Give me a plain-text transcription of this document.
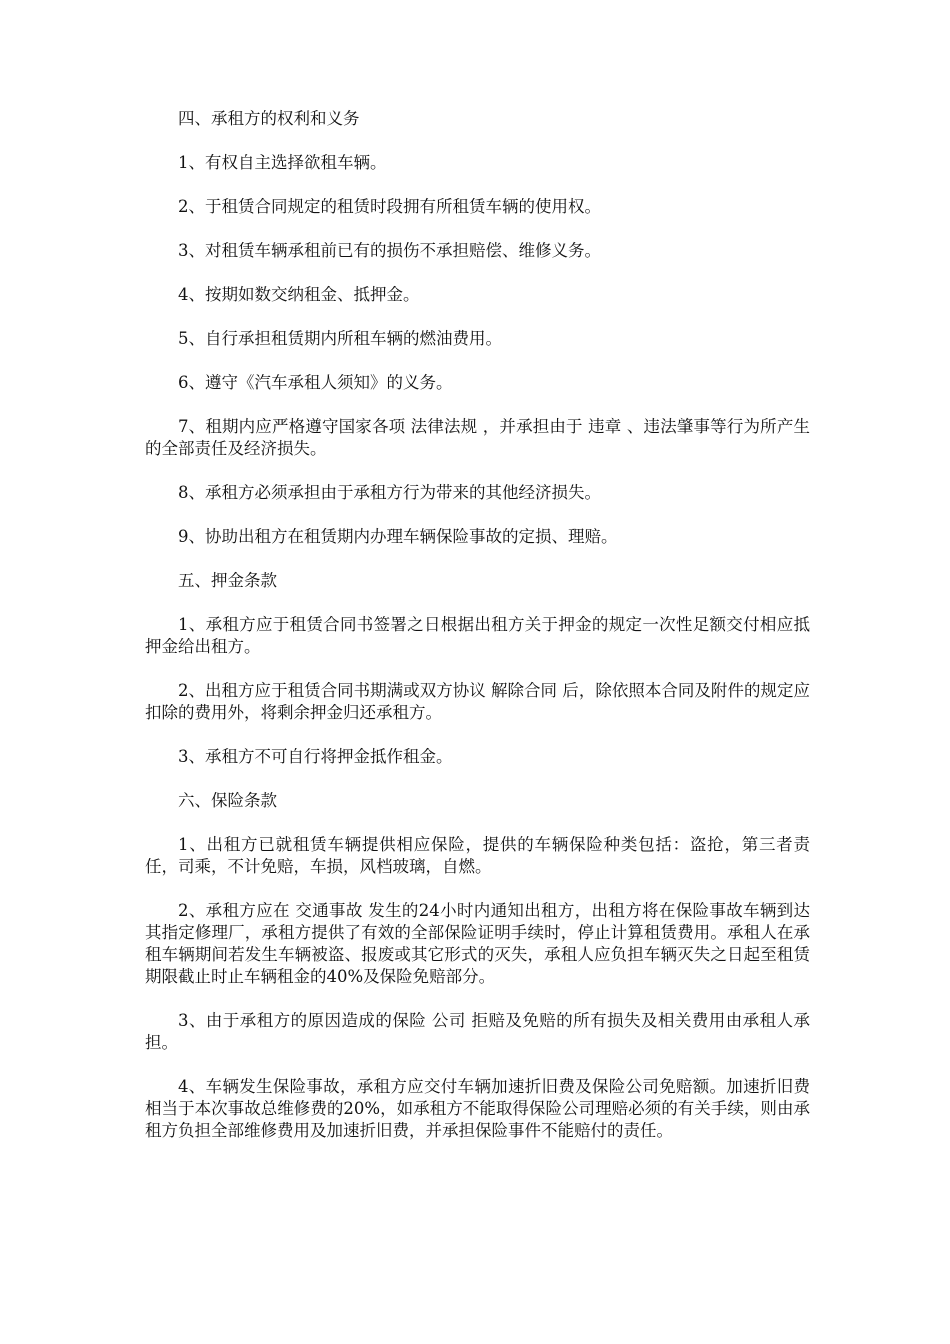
四、承租方的权利和义务

1、有权自主选择欲租车辆。

2、于租赁合同规定的租赁时段拥有所租赁车辆的使用权。

3、对租赁车辆承租前已有的损伤不承担赔偿、维修义务。

4、按期如数交纳租金、抵押金。

5、自行承担租赁期内所租车辆的燃油费用。

6、遵守《汽车承租人须知》的义务。

7、租期内应严格遵守国家各项 法律法规 ，并承担由于 违章 、违法肇事等行为所产生的全部责任及经济损失。

8、承租方必须承担由于承租方行为带来的其他经济损失。

9、协助出租方在租赁期内办理车辆保险事故的定损、理赔。

五、押金条款

1、承租方应于租赁合同书签署之日根据出租方关于押金的规定一次性足额交付相应抵押金给出租方。

2、出租方应于租赁合同书期满或双方协议 解除合同 后，除依照本合同及附件的规定应扣除的费用外，将剩余押金归还承租方。

3、承租方不可自行将押金抵作租金。

六、保险条款

1、出租方已就租赁车辆提供相应保险，提供的车辆保险种类包括：盗抢，第三者责任，司乘，不计免赔，车损，风档玻璃，自燃。

2、承租方应在 交通事故 发生的24小时内通知出租方，出租方将在保险事故车辆到达其指定修理厂，承租方提供了有效的全部保险证明手续时，停止计算租赁费用。承租人在承租车辆期间若发生车辆被盗、报废或其它形式的灭失，承租人应负担车辆灭失之日起至租赁期限截止时止车辆租金的40%及保险免赔部分。

3、由于承租方的原因造成的保险 公司 拒赔及免赔的所有损失及相关费用由承租人承担。

4、车辆发生保险事故，承租方应交付车辆加速折旧费及保险公司免赔额。加速折旧费相当于本次事故总维修费的20%，如承租方不能取得保险公司理赔必须的有关手续，则由承租方负担全部维修费用及加速折旧费，并承担保险事件不能赔付的责任。
